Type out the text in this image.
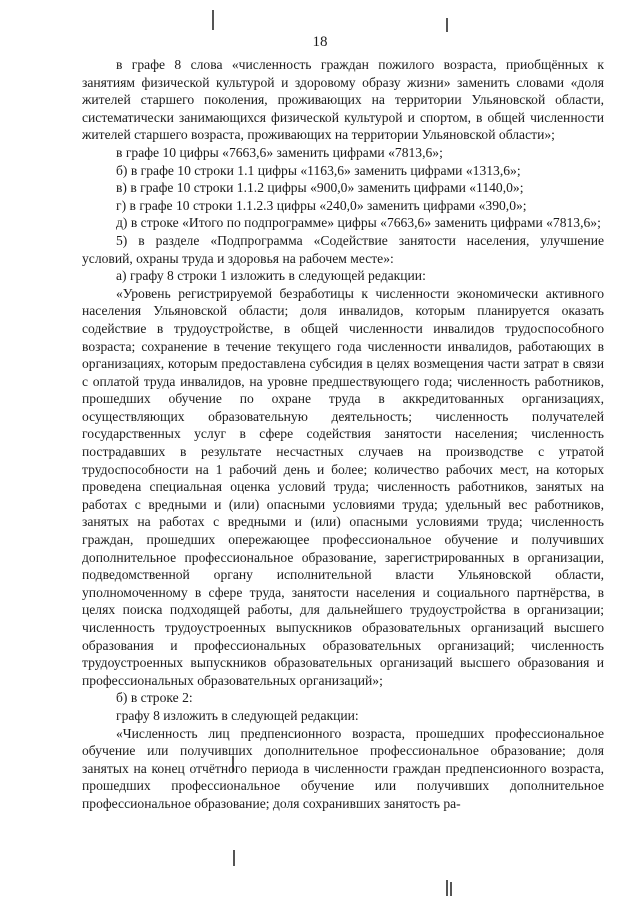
18

в графе 8 слова «численность граждан пожилого возраста, приобщённых к занятиям физической культурой и здоровому образу жизни» заменить словами «доля жителей старшего поколения, проживающих на территории Ульяновской области, систематически занимающихся физической культурой и спортом, в общей численности жителей старшего возраста, проживающих на территории Ульяновской области»;

в графе 10 цифры «7663,6» заменить цифрами «7813,6»;

б) в графе 10 строки 1.1 цифры «1163,6» заменить цифрами «1313,6»;

в) в графе 10 строки 1.1.2 цифры «900,0» заменить цифрами «1140,0»;

г) в графе 10 строки 1.1.2.3 цифры «240,0» заменить цифрами «390,0»;

д) в строке «Итого по подпрограмме» цифры «7663,6» заменить цифрами «7813,6»;

5) в разделе «Подпрограмма «Содействие занятости населения, улучшение условий, охраны труда и здоровья на рабочем месте»:

а) графу 8 строки 1 изложить в следующей редакции:

«Уровень регистрируемой безработицы к численности экономически активного населения Ульяновской области; доля инвалидов, которым планируется оказать содействие в трудоустройстве, в общей численности инвалидов трудоспособного возраста; сохранение в течение текущего года численности инвалидов, работающих в организациях, которым предоставлена субсидия в целях возмещения части затрат в связи с оплатой труда инвалидов, на уровне предшествующего года; численность работников, прошедших обучение по охране труда в аккредитованных организациях, осуществляющих образовательную деятельность; численность получателей государственных услуг в сфере содействия занятости населения; численность пострадавших в результате несчастных случаев на производстве с утратой трудоспособности на 1 рабочий день и более; количество рабочих мест, на которых проведена специальная оценка условий труда; численность работников, занятых на работах с вредными и (или) опасными условиями труда; удельный вес работников, занятых на работах с вредными и (или) опасными условиями труда; численность граждан, прошедших опережающее профессиональное обучение и получивших дополнительное профессиональное образование, зарегистрированных в организации, подведомственной органу исполнительной власти Ульяновской области, уполномоченному в сфере труда, занятости населения и социального партнёрства, в целях поиска подходящей работы, для дальнейшего трудоустройства в организации; численность трудоустроенных выпускников образовательных организаций высшего образования и профессиональных образовательных организаций; численность трудоустроенных выпускников образовательных организаций высшего образования и профессиональных образовательных организаций»;

б) в строке 2:

графу 8 изложить в следующей редакции:

«Численность лиц предпенсионного возраста, прошедших профессиональное обучение или получивших дополнительное профессиональное образование; доля занятых на конец отчётного периода в численности граждан предпенсионного возраста, прошедших профессиональное обучение или получивших дополнительное профессиональное образование; доля сохранивших занятость ра-
